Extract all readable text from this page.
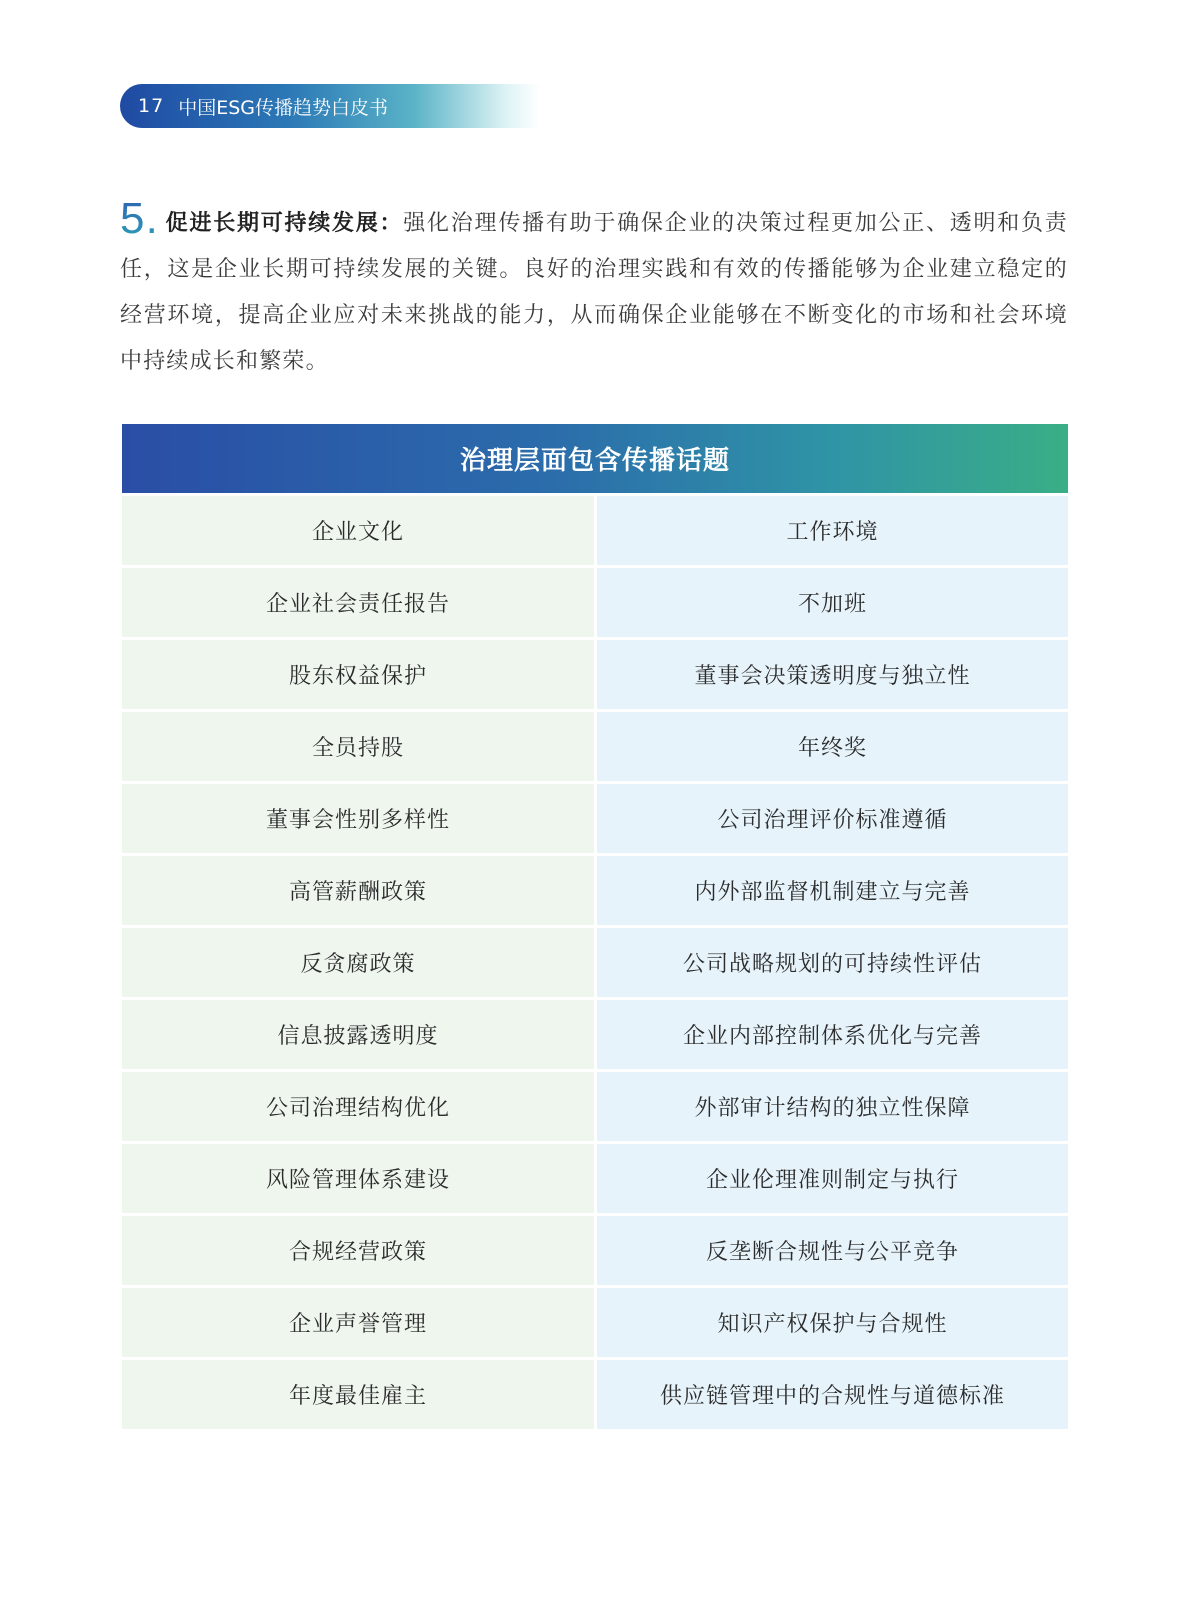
17 中国ESG传播趋势白皮书
5. 促进长期可持续发展：强化治理传播有助于确保企业的决策过程更加公正、透明和负责任，这是企业长期可持续发展的关键。良好的治理实践和有效的传播能够为企业建立稳定的经营环境，提高企业应对未来挑战的能力，从而确保企业能够在不断变化的市场和社会环境中持续成长和繁荣。
治理层面包含传播话题
企业文化	工作环境
企业社会责任报告	不加班
股东权益保护	董事会决策透明度与独立性
全员持股	年终奖
董事会性别多样性	公司治理评价标准遵循
高管薪酬政策	内外部监督机制建立与完善
反贪腐政策	公司战略规划的可持续性评估
信息披露透明度	企业内部控制体系优化与完善
公司治理结构优化	外部审计结构的独立性保障
风险管理体系建设	企业伦理准则制定与执行
合规经营政策	反垄断合规性与公平竞争
企业声誉管理	知识产权保护与合规性
年度最佳雇主	供应链管理中的合规性与道德标准
